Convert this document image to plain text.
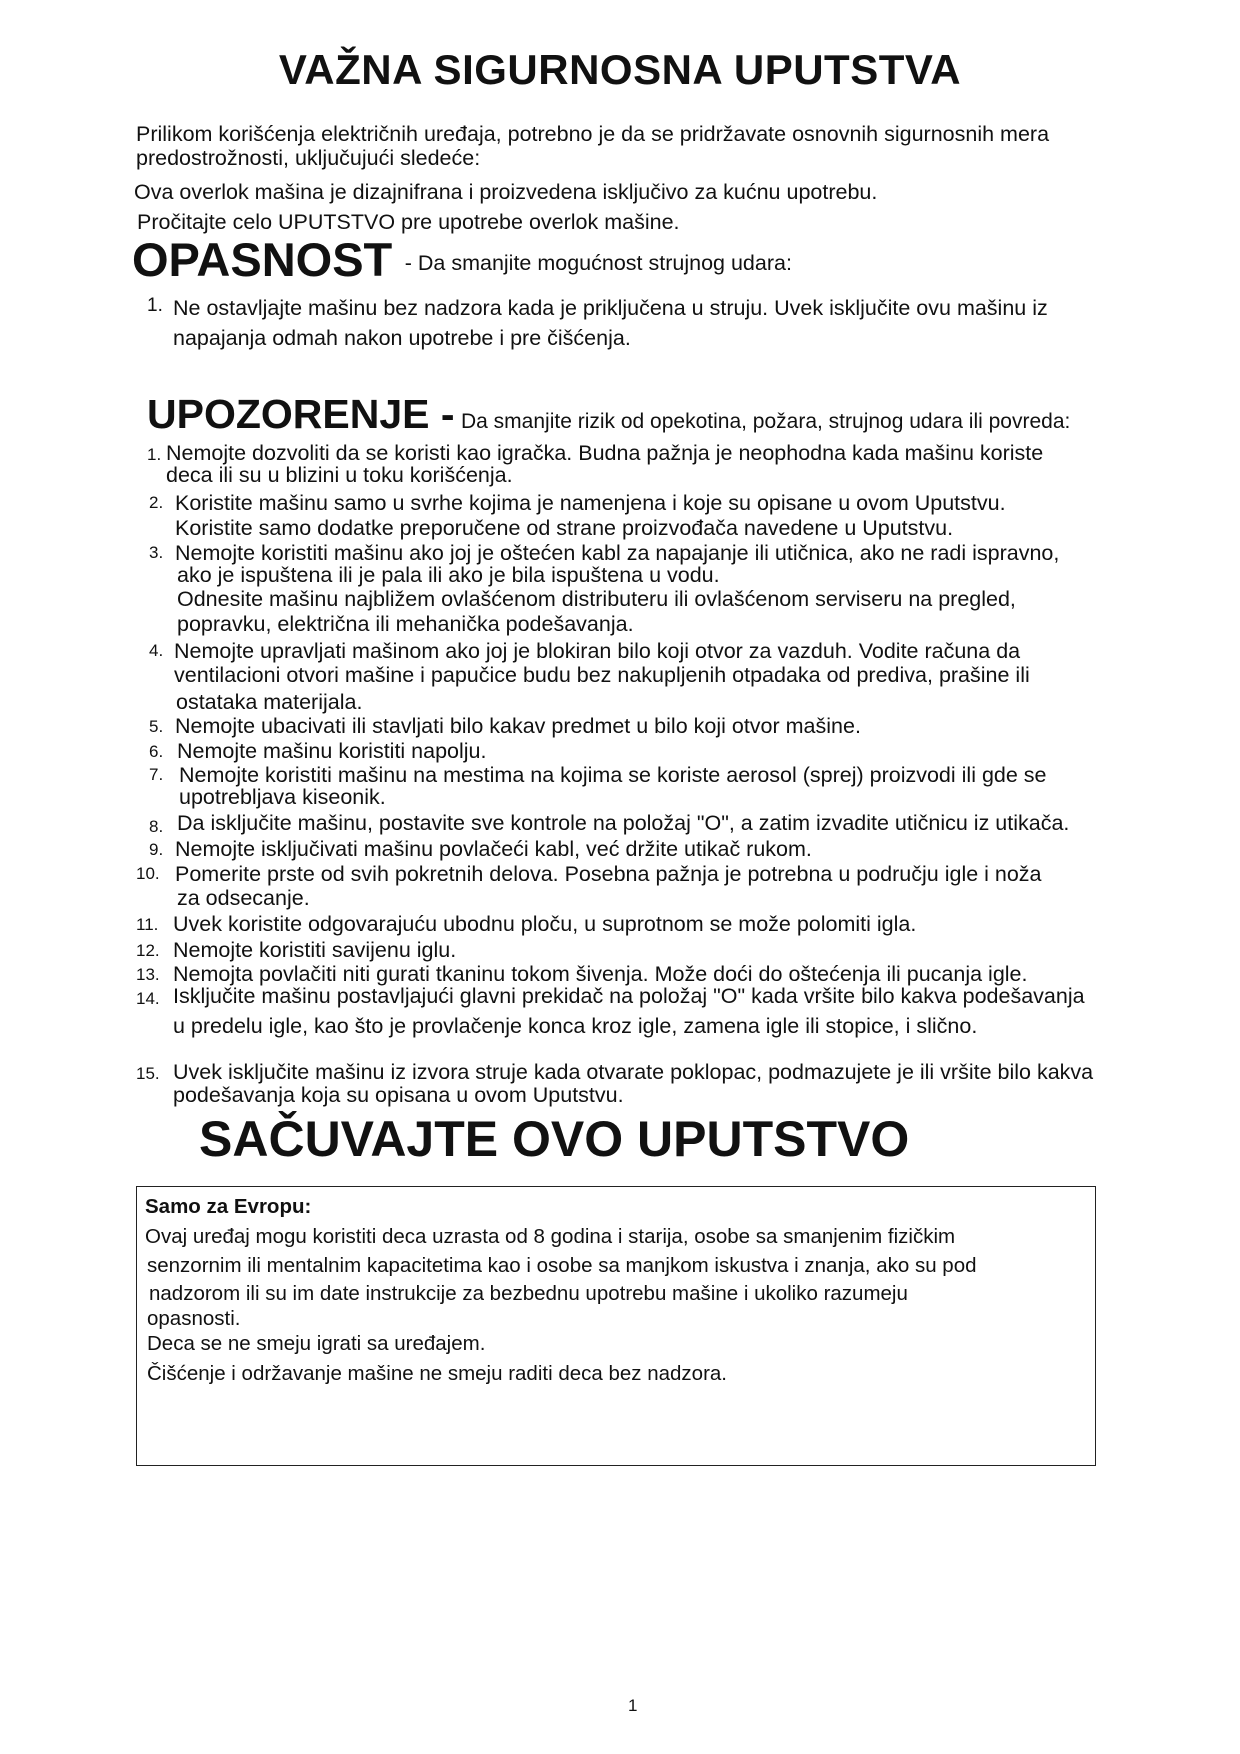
VAŽNA SIGURNOSNA UPUTSTVA
Prilikom korišćenja električnih uređaja, potrebno je da se pridržavate osnovnih sigurnosnih mera
predostrožnosti, uključujući sledeće:
Ova overlok mašina je dizajnifrana i proizvedena isključivo za kućnu upotrebu.
Pročitajte celo UPUTSTVO pre upotrebe overlok mašine.
OPASNOST - Da smanjite mogućnost strujnog udara:
1. Ne ostavljajte mašinu bez nadzora kada je priključena u struju. Uvek isključite ovu mašinu iz
napajanja odmah nakon upotrebe i pre čišćenja.
UPOZORENJE - Da smanjite rizik od opekotina, požara, strujnog udara ili povreda:
1. Nemojte dozvoliti da se koristi kao igračka. Budna pažnja je neophodna kada mašinu koriste
deca ili su u blizini u toku korišćenja.
2. Koristite mašinu samo u svrhe kojima je namenjena i koje su opisane u ovom Uputstvu.
Koristite samo dodatke preporučene od strane proizvođača navedene u Uputstvu.
3. Nemojte koristiti mašinu ako joj je oštećen kabl za napajanje ili utičnica, ako ne radi ispravno,
ako je ispuštena ili je pala ili ako je bila ispuštena u vodu.
Odnesite mašinu najbližem ovlašćenom distributeru ili ovlašćenom serviseru na pregled,
popravku, električna ili mehanička podešavanja.
4. Nemojte upravljati mašinom ako joj je blokiran bilo koji otvor za vazduh. Vodite računa da
ventilacioni otvori mašine i papučice budu bez nakupljenih otpadaka od prediva, prašine ili
ostataka materijala.
5. Nemojte ubacivati ili stavljati bilo kakav predmet u bilo koji otvor mašine.
6. Nemojte mašinu koristiti napolju.
7. Nemojte koristiti mašinu na mestima na kojima se koriste aerosol (sprej) proizvodi ili gde se
upotrebljava kiseonik.
8. Da isključite mašinu, postavite sve kontrole na položaj "O", a zatim izvadite utičnicu iz utikača.
9. Nemojte isključivati mašinu povlačeći kabl, već držite utikač rukom.
10. Pomerite prste od svih pokretnih delova. Posebna pažnja je potrebna u području igle i noža
za odsecanje.
11. Uvek koristite odgovarajuću ubodnu ploču, u suprotnom se može polomiti igla.
12. Nemojte koristiti savijenu iglu.
13. Nemojta povlačiti niti gurati tkaninu tokom šivenja. Može doći do oštećenja ili pucanja igle.
14. Isključite mašinu postavljajući glavni prekidač na položaj "O" kada vršite bilo kakva podešavanja
u predelu igle, kao što je provlačenje konca kroz igle, zamena igle ili stopice, i slično.
15. Uvek isključite mašinu iz izvora struje kada otvarate poklopac, podmazujete je ili vršite bilo kakva
podešavanja koja su opisana u ovom Uputstvu.
SAČUVAJTE OVO UPUTSTVO
Samo za Evropu:
Ovaj uređaj mogu koristiti deca uzrasta od 8 godina i starija, osobe sa smanjenim fizičkim
senzornim ili mentalnim kapacitetima kao i osobe sa manjkom iskustva i znanja, ako su pod
nadzorom ili su im date instrukcije za bezbednu upotrebu mašine i ukoliko razumeju
opasnosti.
Deca se ne smeju igrati sa uređajem.
Čišćenje i održavanje mašine ne smeju raditi deca bez nadzora.
1
